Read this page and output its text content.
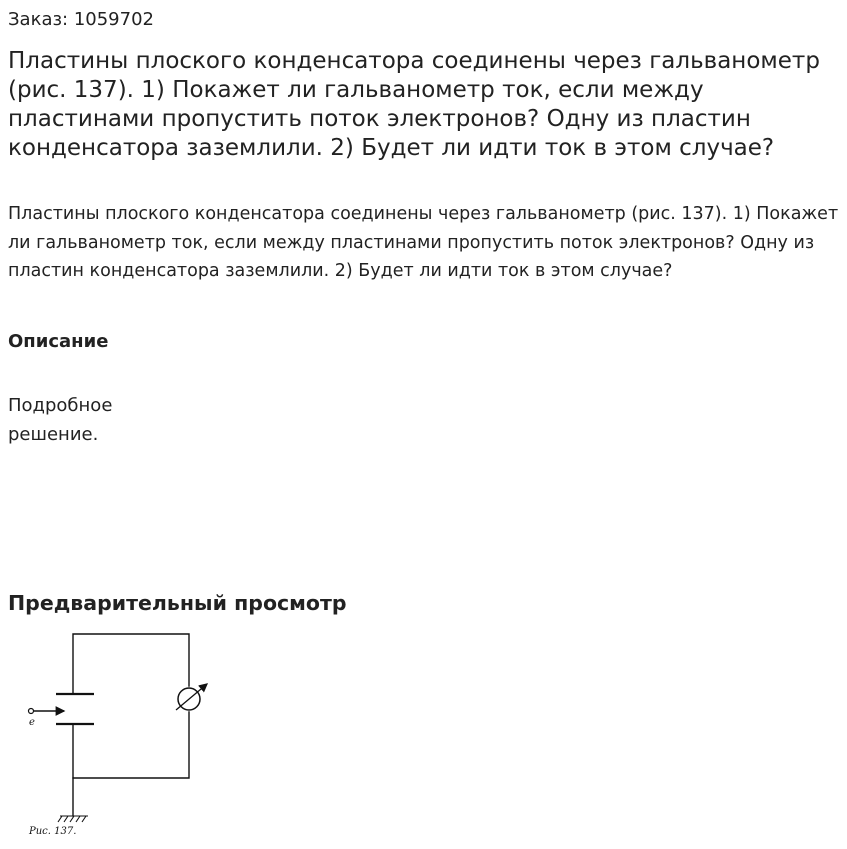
Заказ: 1059702
Пластины плоского конденсатора соединены через гальванометр (рис. 137). 1) Покажет ли гальванометр ток, если между пластинами пропустить поток электронов? Одну из пластин конденсатора заземлили. 2) Будет ли идти ток в этом случае?

Пластины плоского конденсатора соединены через гальванометр (рис. 137). 1) Покажет ли гальванометр ток, если между пластинами пропустить поток электронов? Одну из пластин конденсатора заземлили. 2) Будет ли идти ток в этом случае?

Описание

Подробное решение.

Предварительный просмотр
e
Рис. 137.
